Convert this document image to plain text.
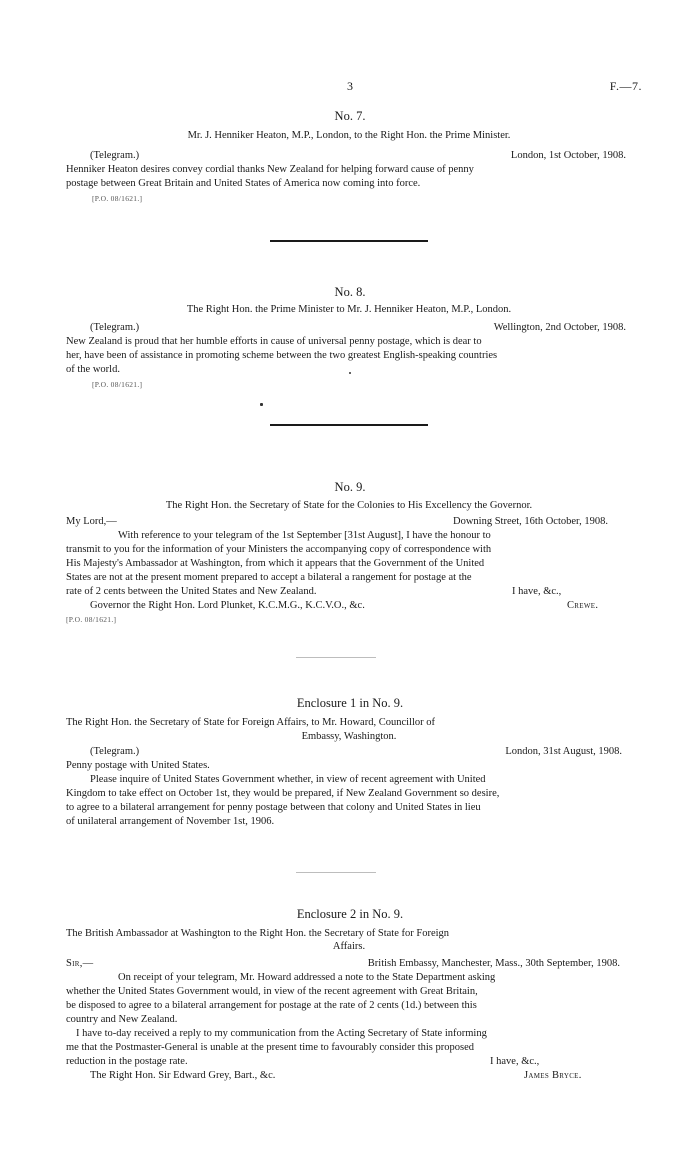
3	F.—7.
No. 7.
Mr. J. Henniker Heaton, M.P., London, to the Right Hon. the Prime Minister.
(Telegram.)	London, 1st October, 1908.
Henniker Heaton desires convey cordial thanks New Zealand for helping forward cause of penny
postage between Great Britain and United States of America now coming into force.
[P.O. 08/1621.]
No. 8.
The Right Hon. the Prime Minister to Mr. J. Henniker Heaton, M.P., London.
(Telegram.)	Wellington, 2nd October, 1908.
New Zealand is proud that her humble efforts in cause of universal penny postage, which is dear to
her, have been of assistance in promoting scheme between the two greatest English-speaking countries
of the world.
[P.O. 08/1621.]
No. 9.
The Right Hon. the Secretary of State for the Colonies to His Excellency the Governor.
My Lord,—	Downing Street, 16th October, 1908.
With reference to your telegram of the 1st September [31st August], I have the honour to
transmit to you for the information of your Ministers the accompanying copy of correspondence with
His Majesty's Ambassador at Washington, from which it appears that the Government of the United
States are not at the present moment prepared to accept a bilateral a rangement for postage at the
rate of 2 cents between the United States and New Zealand.	I have, &c.,
Governor the Right Hon. Lord Plunket, K.C.M.G., K.C.V.O., &c.	Crewe.
[P.O. 08/1621.]
Enclosure 1 in No. 9.
The Right Hon. the Secretary of State for Foreign Affairs, to Mr. Howard, Councillor of
Embassy, Washington.
(Telegram.)	London, 31st August, 1908.
Penny postage with United States.
Please inquire of United States Government whether, in view of recent agreement with United
Kingdom to take effect on October 1st, they would be prepared, if New Zealand Government so desire,
to agree to a bilateral arrangement for penny postage between that colony and United States in lieu
of unilateral arrangement of November 1st, 1906.
Enclosure 2 in No. 9.
The British Ambassador at Washington to the Right Hon. the Secretary of State for Foreign
Affairs.
Sir,—	British Embassy, Manchester, Mass., 30th September, 1908.
On receipt of your telegram, Mr. Howard addressed a note to the State Department asking
whether the United States Government would, in view of the recent agreement with Great Britain,
be disposed to agree to a bilateral arrangement for postage at the rate of 2 cents (1d.) between this
country and New Zealand.
I have to-day received a reply to my communication from the Acting Secretary of State informing
me that the Postmaster-General is unable at the present time to favourably consider this proposed
reduction in the postage rate.	I have, &c.,
The Right Hon. Sir Edward Grey, Bart., &c.	James Bryce.
